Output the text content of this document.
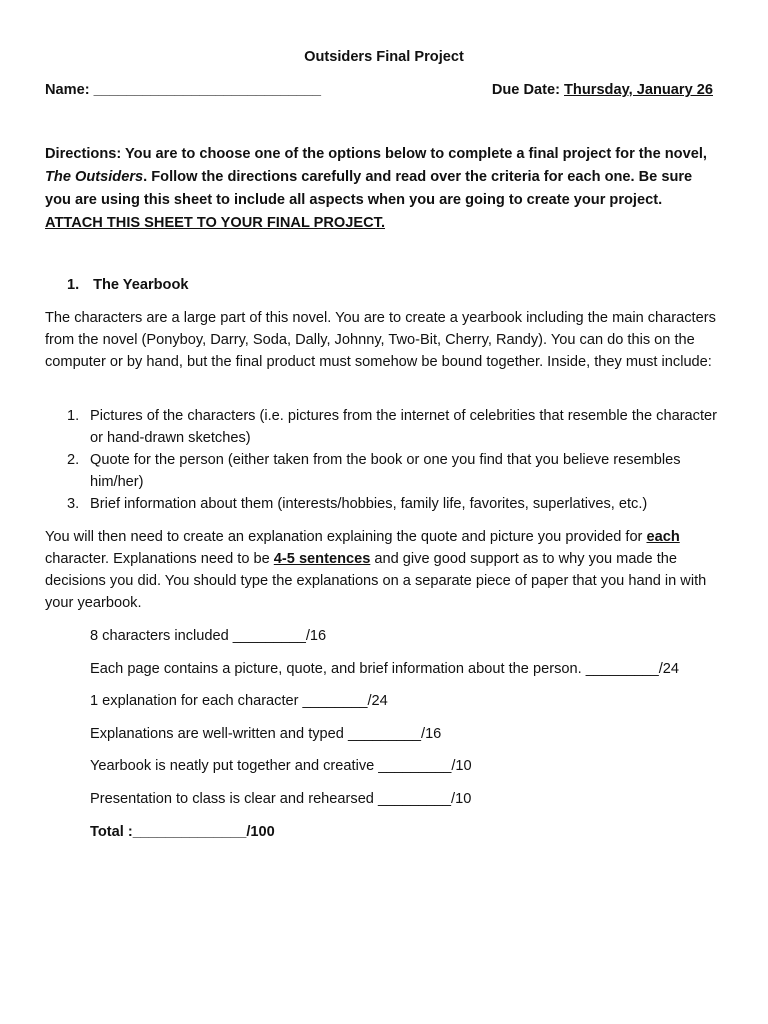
Outsiders Final Project
Name: ____________________________	Due Date: Thursday, January 26
Directions: You are to choose one of the options below to complete a final project for the novel,
The Outsiders. Follow the directions carefully and read over the criteria for each one. Be sure you are using this sheet to include all aspects when you are going to create your project. ATTACH THIS SHEET TO YOUR FINAL PROJECT.
1. The Yearbook
The characters are a large part of this novel. You are to create a yearbook including the main characters from the novel (Ponyboy, Darry, Soda, Dally, Johnny, Two-Bit, Cherry, Randy). You can do this on the computer or by hand, but the final product must somehow be bound together. Inside, they must include:
1. Pictures of the characters (i.e. pictures from the internet of celebrities that resemble the character or hand-drawn sketches)
2. Quote for the person (either taken from the book or one you find that you believe resembles him/her)
3. Brief information about them (interests/hobbies, family life, favorites, superlatives, etc.)
You will then need to create an explanation explaining the quote and picture you provided for each character. Explanations need to be 4-5 sentences and give good support as to why you made the decisions you did. You should type the explanations on a separate piece of paper that you hand in with your yearbook.
8 characters included _________/16
Each page contains a picture, quote, and brief information about the person. _________/24
1 explanation for each character ________/24
Explanations are well-written and typed _________/16
Yearbook is neatly put together and creative _________/10
Presentation to class is clear and rehearsed _________/10
Total :______________/100
